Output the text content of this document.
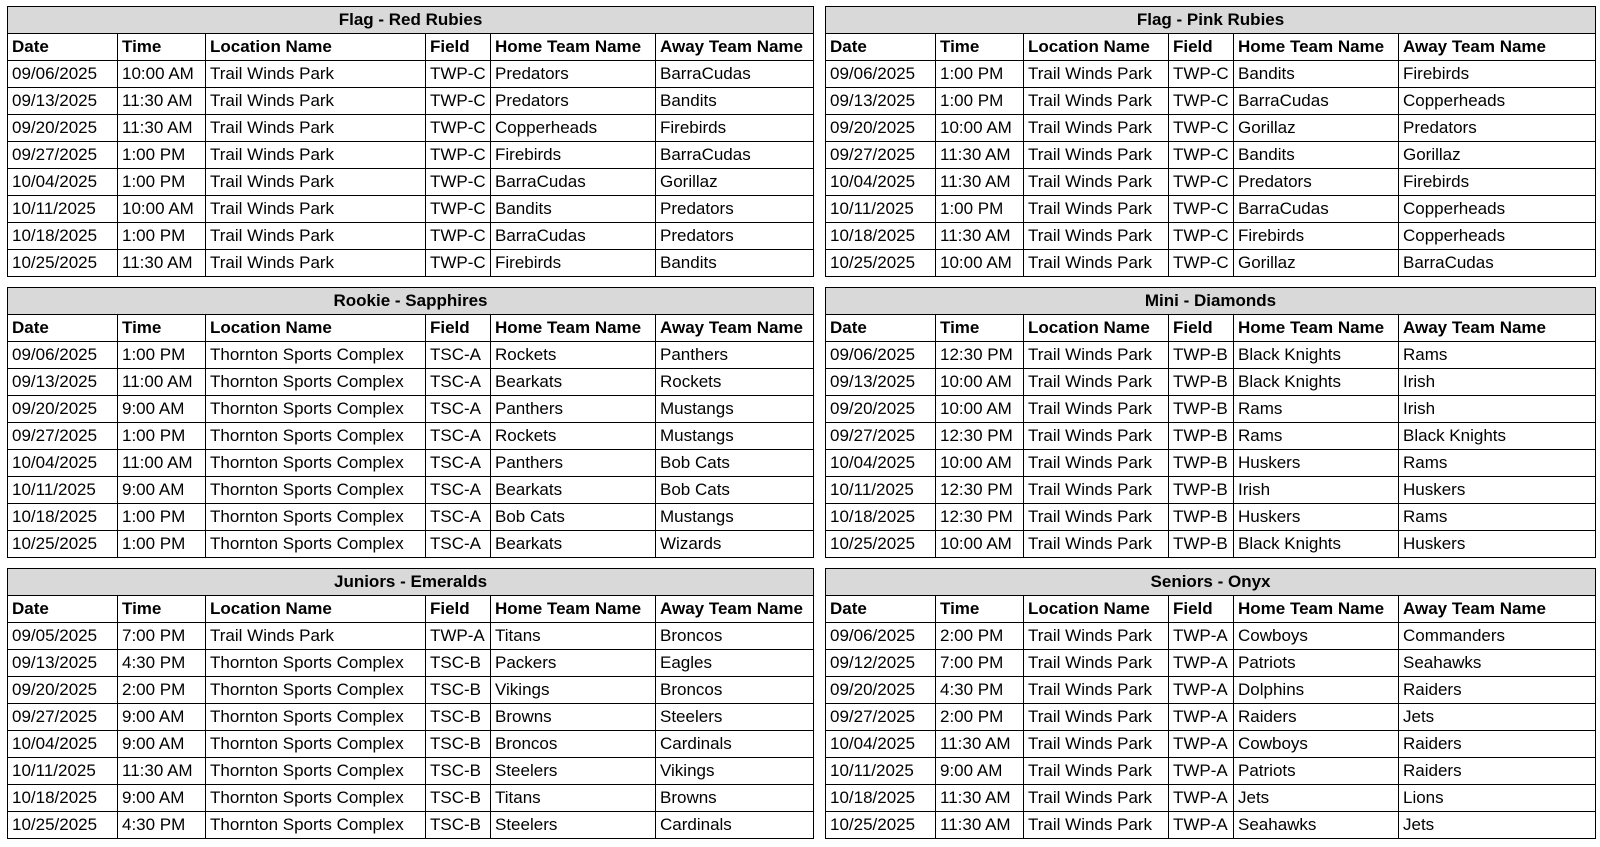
Flag - Red Rubies					
Date	Time	Location Name	Field	Home Team Name	Away Team Name
09/06/2025	10:00 AM	Trail Winds Park	TWP-C	Predators	BarraCudas
09/13/2025	11:30 AM	Trail Winds Park	TWP-C	Predators	Bandits
09/20/2025	11:30 AM	Trail Winds Park	TWP-C	Copperheads	Firebirds
09/27/2025	1:00 PM	Trail Winds Park	TWP-C	Firebirds	BarraCudas
10/04/2025	1:00 PM	Trail Winds Park	TWP-C	BarraCudas	Gorillaz
10/11/2025	10:00 AM	Trail Winds Park	TWP-C	Bandits	Predators
10/18/2025	1:00 PM	Trail Winds Park	TWP-C	BarraCudas	Predators
10/25/2025	11:30 AM	Trail Winds Park	TWP-C	Firebirds	Bandits
Flag - Pink Rubies					
Date	Time	Location Name	Field	Home Team Name	Away Team Name
09/06/2025	1:00 PM	Trail Winds Park	TWP-C	Bandits	Firebirds
09/13/2025	1:00 PM	Trail Winds Park	TWP-C	BarraCudas	Copperheads
09/20/2025	10:00 AM	Trail Winds Park	TWP-C	Gorillaz	Predators
09/27/2025	11:30 AM	Trail Winds Park	TWP-C	Bandits	Gorillaz
10/04/2025	11:30 AM	Trail Winds Park	TWP-C	Predators	Firebirds
10/11/2025	1:00 PM	Trail Winds Park	TWP-C	BarraCudas	Copperheads
10/18/2025	11:30 AM	Trail Winds Park	TWP-C	Firebirds	Copperheads
10/25/2025	10:00 AM	Trail Winds Park	TWP-C	Gorillaz	BarraCudas
Rookie - Sapphires					
Date	Time	Location Name	Field	Home Team Name	Away Team Name
09/06/2025	1:00 PM	Thornton Sports Complex	TSC-A	Rockets	Panthers
09/13/2025	11:00 AM	Thornton Sports Complex	TSC-A	Bearkats	Rockets
09/20/2025	9:00 AM	Thornton Sports Complex	TSC-A	Panthers	Mustangs
09/27/2025	1:00 PM	Thornton Sports Complex	TSC-A	Rockets	Mustangs
10/04/2025	11:00 AM	Thornton Sports Complex	TSC-A	Panthers	Bob Cats
10/11/2025	9:00 AM	Thornton Sports Complex	TSC-A	Bearkats	Bob Cats
10/18/2025	1:00 PM	Thornton Sports Complex	TSC-A	Bob Cats	Mustangs
10/25/2025	1:00 PM	Thornton Sports Complex	TSC-A	Bearkats	Wizards
Mini - Diamonds					
Date	Time	Location Name	Field	Home Team Name	Away Team Name
09/06/2025	12:30 PM	Trail Winds Park	TWP-B	Black Knights	Rams
09/13/2025	10:00 AM	Trail Winds Park	TWP-B	Black Knights	Irish
09/20/2025	10:00 AM	Trail Winds Park	TWP-B	Rams	Irish
09/27/2025	12:30 PM	Trail Winds Park	TWP-B	Rams	Black Knights
10/04/2025	10:00 AM	Trail Winds Park	TWP-B	Huskers	Rams
10/11/2025	12:30 PM	Trail Winds Park	TWP-B	Irish	Huskers
10/18/2025	12:30 PM	Trail Winds Park	TWP-B	Huskers	Rams
10/25/2025	10:00 AM	Trail Winds Park	TWP-B	Black Knights	Huskers
Juniors - Emeralds					
Date	Time	Location Name	Field	Home Team Name	Away Team Name
09/05/2025	7:00 PM	Trail Winds Park	TWP-A	Titans	Broncos
09/13/2025	4:30 PM	Thornton Sports Complex	TSC-B	Packers	Eagles
09/20/2025	2:00 PM	Thornton Sports Complex	TSC-B	Vikings	Broncos
09/27/2025	9:00 AM	Thornton Sports Complex	TSC-B	Browns	Steelers
10/04/2025	9:00 AM	Thornton Sports Complex	TSC-B	Broncos	Cardinals
10/11/2025	11:30 AM	Thornton Sports Complex	TSC-B	Steelers	Vikings
10/18/2025	9:00 AM	Thornton Sports Complex	TSC-B	Titans	Browns
10/25/2025	4:30 PM	Thornton Sports Complex	TSC-B	Steelers	Cardinals
Seniors - Onyx					
Date	Time	Location Name	Field	Home Team Name	Away Team Name
09/06/2025	2:00 PM	Trail Winds Park	TWP-A	Cowboys	Commanders
09/12/2025	7:00 PM	Trail Winds Park	TWP-A	Patriots	Seahawks
09/20/2025	4:30 PM	Trail Winds Park	TWP-A	Dolphins	Raiders
09/27/2025	2:00 PM	Trail Winds Park	TWP-A	Raiders	Jets
10/04/2025	11:30 AM	Trail Winds Park	TWP-A	Cowboys	Raiders
10/11/2025	9:00 AM	Trail Winds Park	TWP-A	Patriots	Raiders
10/18/2025	11:30 AM	Trail Winds Park	TWP-A	Jets	Lions
10/25/2025	11:30 AM	Trail Winds Park	TWP-A	Seahawks	Jets
